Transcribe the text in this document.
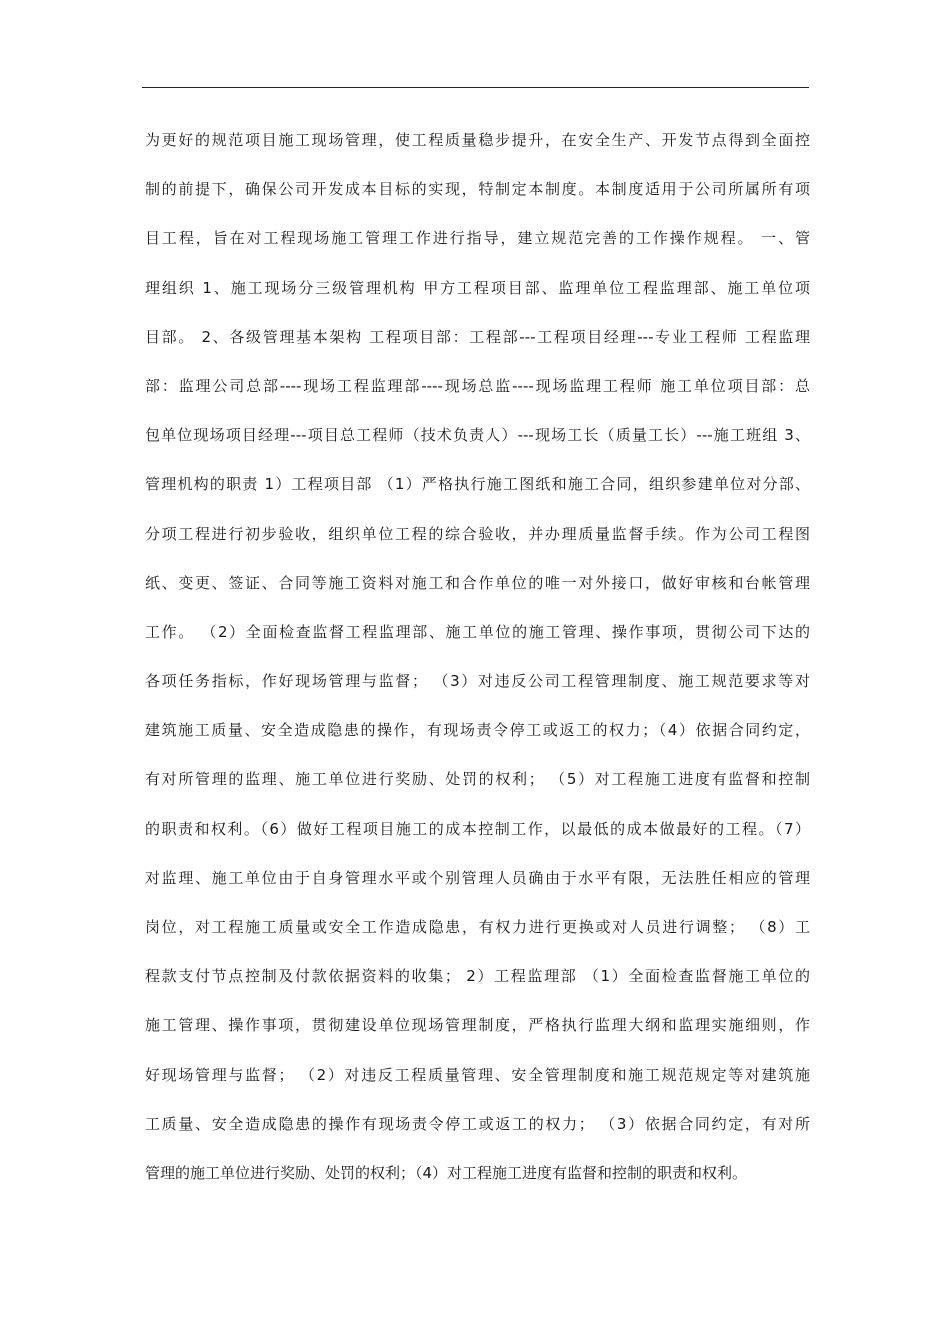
为更好的规范项目施工现场管理，使工程质量稳步提升，在安全生产、开发节点得到全面控
制的前提下，确保公司开发成本目标的实现，特制定本制度。本制度适用于公司所属所有项
目工程，旨在对工程现场施工管理工作进行指导，建立规范完善的工作操作规程。 一、管
理组织 1、施工现场分三级管理机构 甲方工程项目部、监理单位工程监理部、施工单位项
目部。 2、各级管理基本架构 工程项目部：工程部---工程项目经理---专业工程师 工程监理
部：监理公司总部----现场工程监理部----现场总监----现场监理工程师 施工单位项目部：总
包单位现场项目经理---项目总工程师（技术负责人）---现场工长（质量工长）---施工班组 3、
管理机构的职责 1）工程项目部 （1）严格执行施工图纸和施工合同，组织参建单位对分部、
分项工程进行初步验收，组织单位工程的综合验收，并办理质量监督手续。作为公司工程图
纸、变更、签证、合同等施工资料对施工和合作单位的唯一对外接口，做好审核和台帐管理
工作。 （2）全面检查监督工程监理部、施工单位的施工管理、操作事项，贯彻公司下达的
各项任务指标，作好现场管理与监督； （3）对违反公司工程管理制度、施工规范要求等对
建筑施工质量、安全造成隐患的操作，有现场责令停工或返工的权力；（4）依据合同约定，
有对所管理的监理、施工单位进行奖励、处罚的权利； （5）对工程施工进度有监督和控制
的职责和权利。（6）做好工程项目施工的成本控制工作，以最低的成本做最好的工程。（7）
对监理、施工单位由于自身管理水平或个别管理人员确由于水平有限，无法胜任相应的管理
岗位，对工程施工质量或安全工作造成隐患，有权力进行更换或对人员进行调整； （8）工
程款支付节点控制及付款依据资料的收集； 2）工程监理部 （1）全面检查监督施工单位的
施工管理、操作事项，贯彻建设单位现场管理制度，严格执行监理大纲和监理实施细则，作
好现场管理与监督； （2）对违反工程质量管理、安全管理制度和施工规范规定等对建筑施
工质量、安全造成隐患的操作有现场责令停工或返工的权力； （3）依据合同约定，有对所
管理的施工单位进行奖励、处罚的权利；（4）对工程施工进度有监督和控制的职责和权利。
